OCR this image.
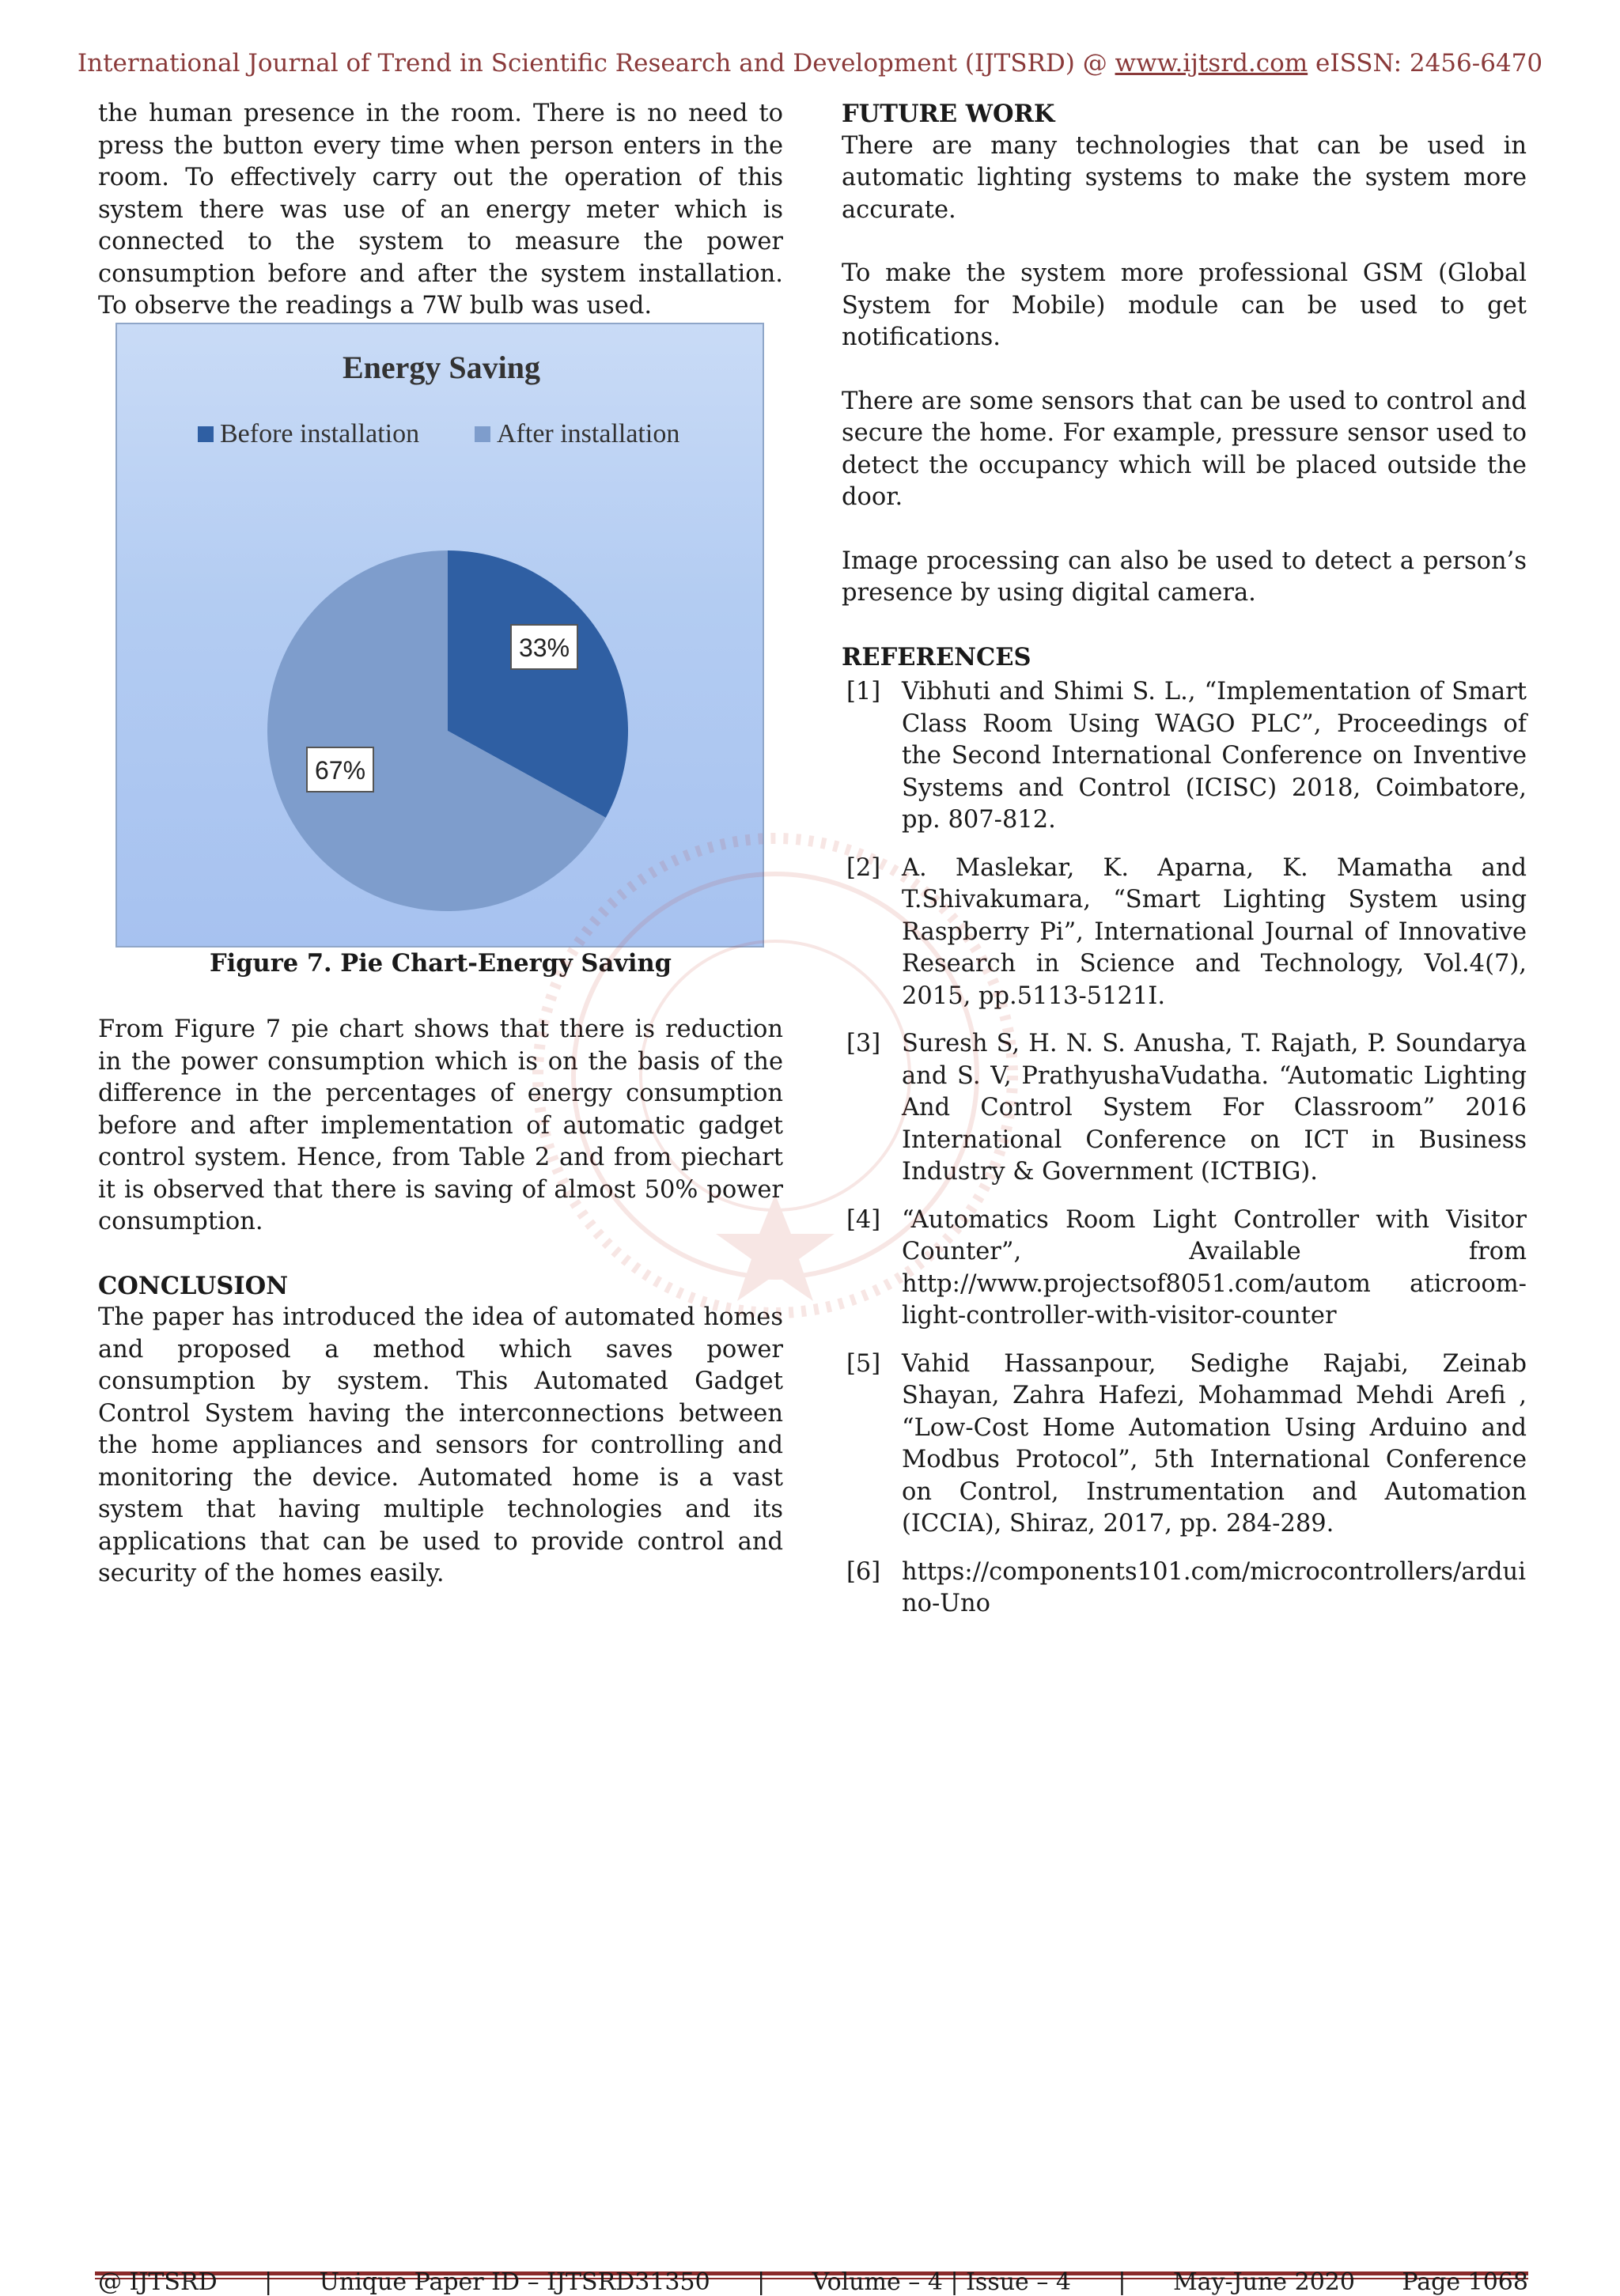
International Journal of Trend in Scientific Research and Development (IJTSRD) @ www.ijtsrd.com eISSN: 2456-6470

the human presence in the room. There is no need to press the button every time when person enters in the room. To effectively carry out the operation of this system there was use of an energy meter which is connected to the system to measure the power consumption before and after the system installation. To observe the readings a 7W bulb was used.

Energy Saving
Before installation	After installation
33%
67%
Figure 7. Pie Chart-Energy Saving

From Figure 7 pie chart shows that there is reduction in the power consumption which is on the basis of the difference in the percentages of energy consumption before and after implementation of automatic gadget control system. Hence, from Table 2 and from piechart it is observed that there is saving of almost 50% power consumption.

CONCLUSION

The paper has introduced the idea of automated homes and proposed a method which saves power consumption by system. This Automated Gadget Control System having the interconnections between the home appliances and sensors for controlling and monitoring the device. Automated home is a vast system that having multiple technologies and its applications that can be used to provide control and security of the homes easily.

FUTURE WORK

There are many technologies that can be used in automatic lighting systems to make the system more accurate.

To make the system more professional GSM (Global System for Mobile) module can be used to get notifications.

There are some sensors that can be used to control and secure the home. For example, pressure sensor used to detect the occupancy which will be placed outside the door.

Image processing can also be used to detect a person’s presence by using digital camera.

REFERENCES

[1] Vibhuti and Shimi S. L., “Implementation of Smart Class Room Using WAGO PLC”, Proceedings of the Second International Conference on Inventive Systems and Control (ICISC) 2018, Coimbatore, pp. 807-812.
[2] A. Maslekar, K. Aparna, K. Mamatha and T.Shivakumara, “Smart Lighting System using Raspberry Pi”, International Journal of Innovative Research in Science and Technology, Vol.4(7), 2015, pp.5113-5121I.
[3] Suresh S, H. N. S. Anusha, T. Rajath, P. Soundarya and S. V, PrathyushaVudatha. “Automatic Lighting And Control System For Classroom” 2016 International Conference on ICT in Business Industry & Government (ICTBIG).
[4] “Automatics Room Light Controller with Visitor Counter”, Available from http://www.projectsof8051.com/autom aticroom-light-controller-with-visitor-counter
[5] Vahid Hassanpour, Sedighe Rajabi, Zeinab Shayan, Zahra Hafezi, Mohammad Mehdi Arefi , “Low-Cost Home Automation Using Arduino and Modbus Protocol”, 5th International Conference on Control, Instrumentation and Automation (ICCIA), Shiraz, 2017, pp. 284-289.
[6] https://components101.com/microcontrollers/arduino-Uno
@ IJTSRD | Unique Paper ID – IJTSRD31350 | Volume – 4 | Issue – 4 | May-June 2020 Page 1068
